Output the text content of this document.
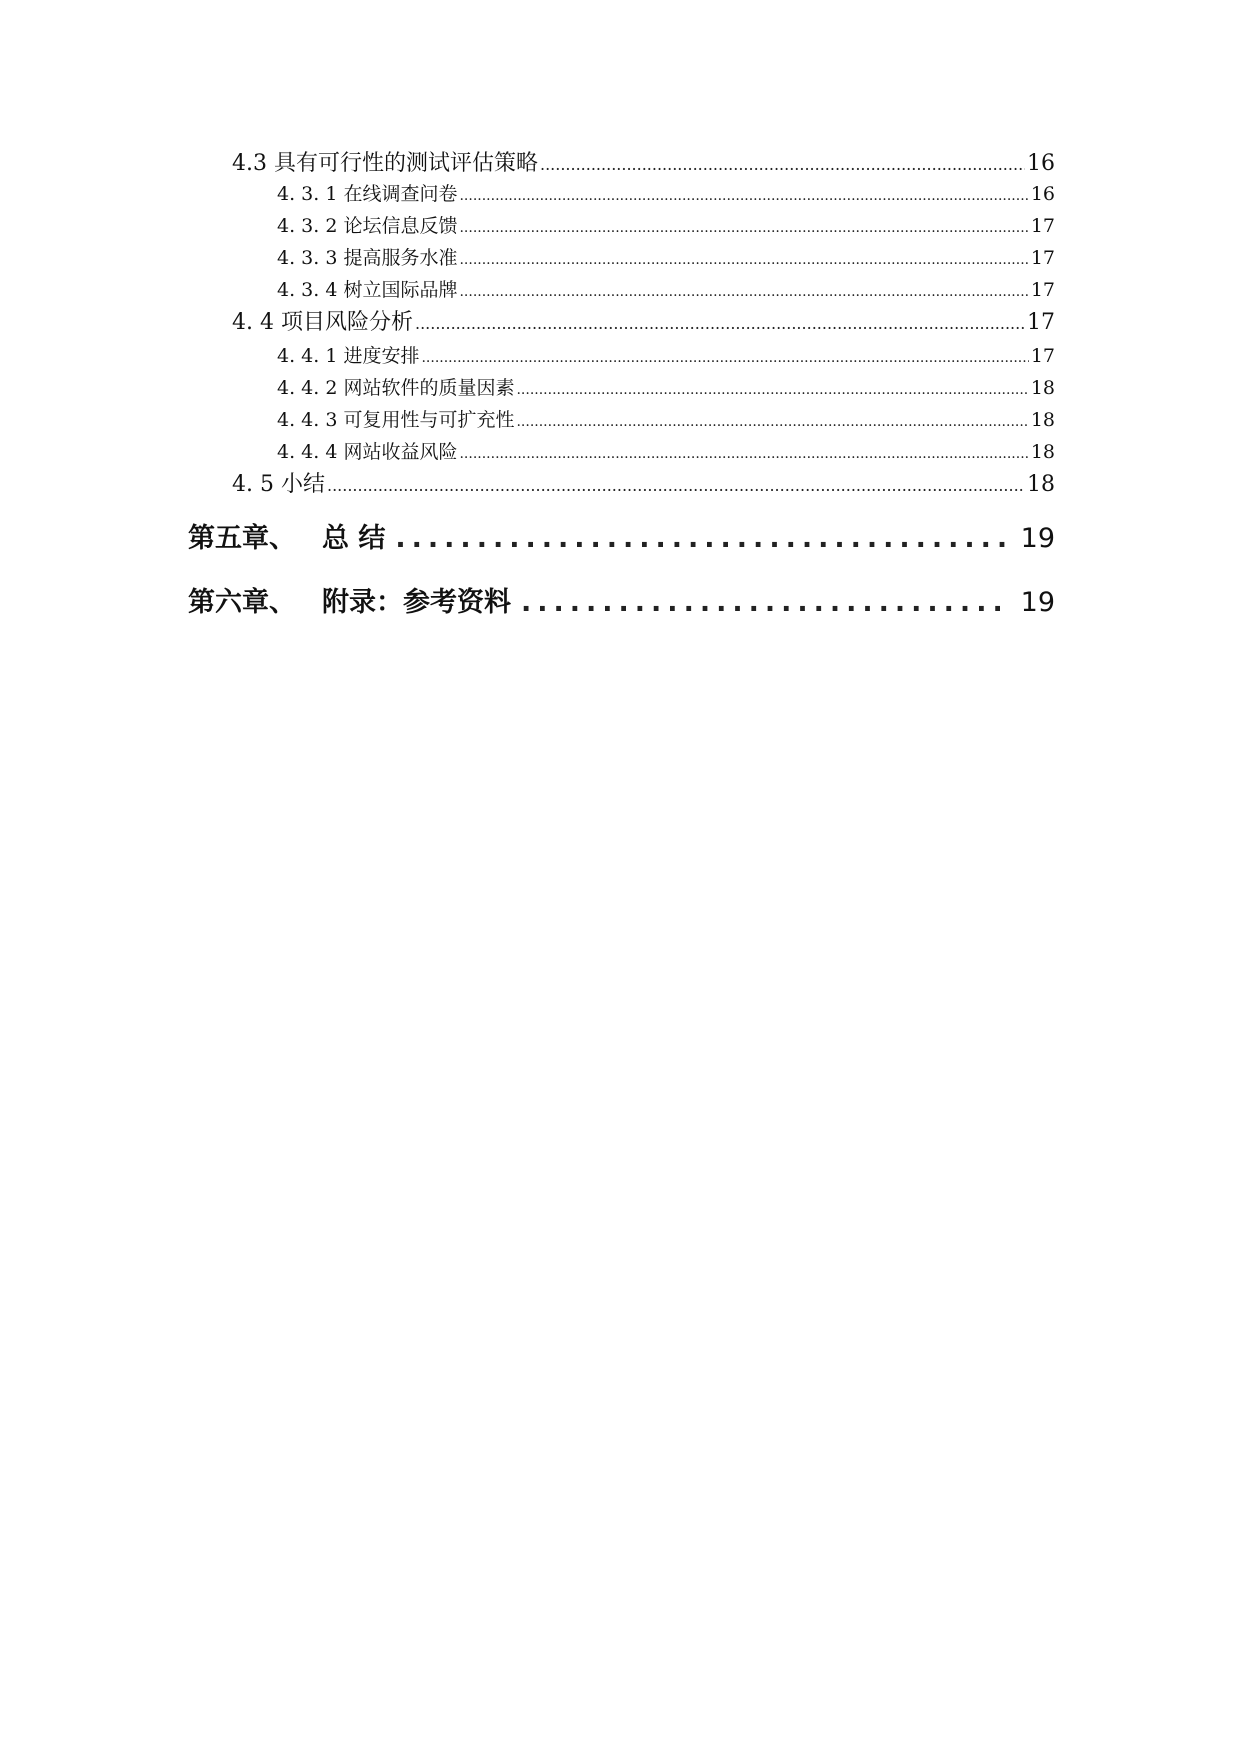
4.3 具有可行性的测试评估策略 .....	16
4. 3. 1 在线调查问卷 .....	16
4. 3. 2 论坛信息反馈 .....	17
4. 3. 3 提高服务水准 .....	17
4. 3. 4 树立国际品牌 .....	17
4. 4 项目风险分析 .....	17
4. 4. 1 进度安排 .....	17
4. 4. 2 网站软件的质量因素 .....	18
4. 4. 3 可复用性与可扩充性 .....	18
4. 4. 4 网站收益风险 .....	18
4. 5 小结 .....	18
第五章、 总 结 .....	19
第六章、 附录：参考资料 .....	19
